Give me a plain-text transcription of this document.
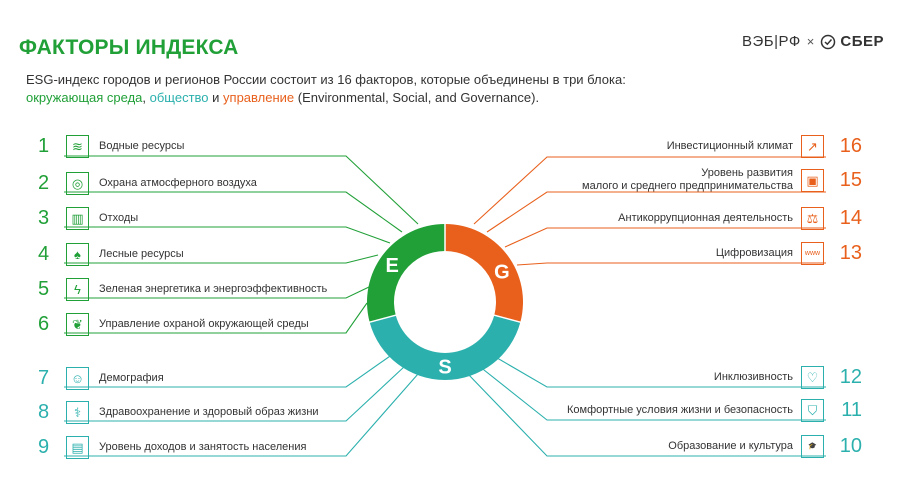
ФАКТОРЫ ИНДЕКСА	ВЭБ|РФ × СБЕР
ESG-индекс городов и регионов России состоит из 16 факторов, которые объединены в три блока:
окружающая среда, общество и управление (Environmental, Social, and Governance).
E	G
S
1	≋	Водные ресурсы
2	◎	Охрана атмосферного воздуха
3	▥	Отходы
4	♠	Лесные ресурсы
5	ϟ	Зеленая энергетика и энергоэффективность
6	❦	Управление охраной окружающей среды
7	☺	Демография
8	⚕	Здравоохранение и здоровый образ жизни
9	▤	Уровень доходов и занятость населения
Инвестиционный климат	↗	16
Уровень развития
малого и среднего предпринимательства	▣ 15
Антикоррупционная деятельность	⚖ 14
Цифровизация	www 13
Инклюзивность	♡ 12
Комфортные условия жизни и безопасность	⛉	11
Образование и культура	🎓	10
